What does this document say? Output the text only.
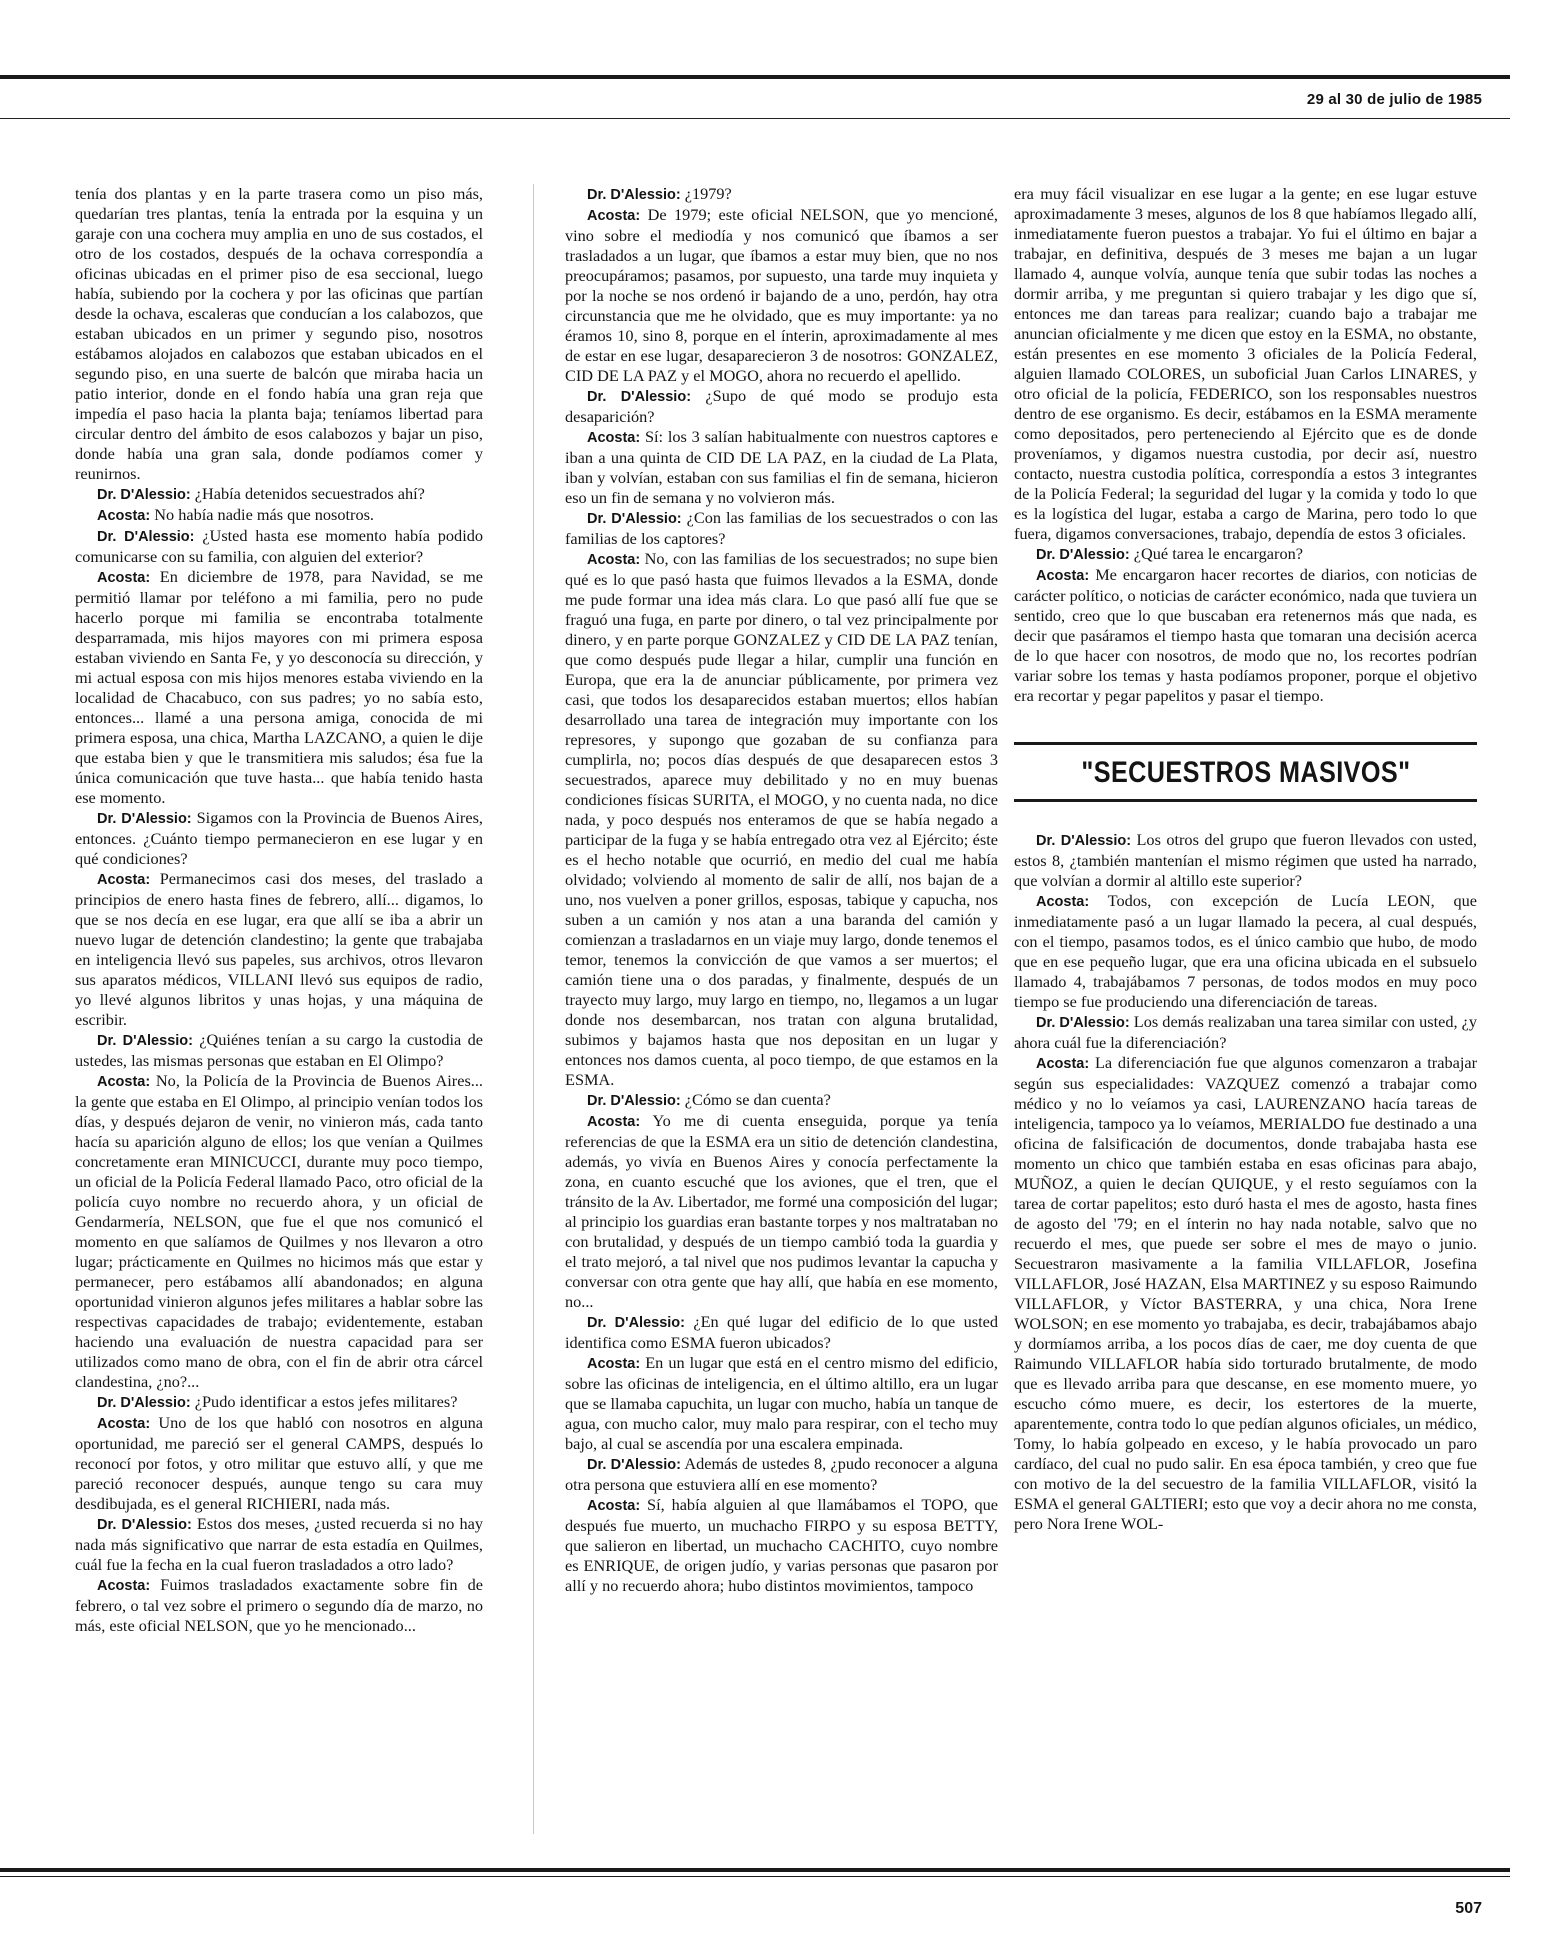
29 al 30 de julio de 1985

tenía dos plantas y en la parte trasera como un piso más, quedarían tres plantas, tenía la entrada por la esquina y un garaje con una cochera muy amplia en uno de sus costados, el otro de los costados, después de la ochava correspondía a oficinas ubicadas en el primer piso de esa seccional, luego había, subiendo por la cochera y por las oficinas que partían desde la ochava, escaleras que conducían a los calabozos, que estaban ubicados en un primer y segundo piso, nosotros estábamos alojados en calabozos que estaban ubicados en el segundo piso, en una suerte de balcón que miraba hacia un patio interior, donde en el fondo había una gran reja que impedía el paso hacia la planta baja; teníamos libertad para circular dentro del ámbito de esos calabozos y bajar un piso, donde había una gran sala, donde podíamos comer y reunirnos.

Dr. D'Alessio: ¿Había detenidos secuestrados ahí?

Acosta: No había nadie más que nosotros.

Dr. D'Alessio: ¿Usted hasta ese momento había podido comunicarse con su familia, con alguien del exterior?

Acosta: En diciembre de 1978, para Navidad, se me permitió llamar por teléfono a mi familia, pero no pude hacerlo porque mi familia se encontraba totalmente desparramada, mis hijos mayores con mi primera esposa estaban viviendo en Santa Fe, y yo desconocía su dirección, y mi actual esposa con mis hijos menores estaba viviendo en la localidad de Chacabuco, con sus padres; yo no sabía esto, entonces... llamé a una persona amiga, conocida de mi primera esposa, una chica, Martha LAZCANO, a quien le dije que estaba bien y que le transmitiera mis saludos; ésa fue la única comunicación que tuve hasta... que había tenido hasta ese momento.

Dr. D'Alessio: Sigamos con la Provincia de Buenos Aires, entonces. ¿Cuánto tiempo permanecieron en ese lugar y en qué condiciones?

Acosta: Permanecimos casi dos meses, del traslado a principios de enero hasta fines de febrero, allí... digamos, lo que se nos decía en ese lugar, era que allí se iba a abrir un nuevo lugar de detención clandestino; la gente que trabajaba en inteligencia llevó sus papeles, sus archivos, otros llevaron sus aparatos médicos, VILLANI llevó sus equipos de radio, yo llevé algunos libritos y unas hojas, y una máquina de escribir.

Dr. D'Alessio: ¿Quiénes tenían a su cargo la custodia de ustedes, las mismas personas que estaban en El Olimpo?

Acosta: No, la Policía de la Provincia de Buenos Aires... la gente que estaba en El Olimpo, al principio venían todos los días, y después dejaron de venir, no vinieron más, cada tanto hacía su aparición alguno de ellos; los que venían a Quilmes concretamente eran MINICUCCI, durante muy poco tiempo, un oficial de la Policía Federal llamado Paco, otro oficial de la policía cuyo nombre no recuerdo ahora, y un oficial de Gendarmería, NELSON, que fue el que nos comunicó el momento en que salíamos de Quilmes y nos llevaron a otro lugar; prácticamente en Quilmes no hicimos más que estar y permanecer, pero estábamos allí abandonados; en alguna oportunidad vinieron algunos jefes militares a hablar sobre las respectivas capacidades de trabajo; evidentemente, estaban haciendo una evaluación de nuestra capacidad para ser utilizados como mano de obra, con el fin de abrir otra cárcel clandestina, ¿no?...

Dr. D'Alessio: ¿Pudo identificar a estos jefes militares?

Acosta: Uno de los que habló con nosotros en alguna oportunidad, me pareció ser el general CAMPS, después lo reconocí por fotos, y otro militar que estuvo allí, y que me pareció reconocer después, aunque tengo su cara muy desdibujada, es el general RICHIERI, nada más.

Dr. D'Alessio: Estos dos meses, ¿usted recuerda si no hay nada más significativo que narrar de esta estadía en Quilmes, cuál fue la fecha en la cual fueron trasladados a otro lado?

Acosta: Fuimos trasladados exactamente sobre fin de febrero, o tal vez sobre el primero o segundo día de marzo, no más, este oficial NELSON, que yo he mencionado...

Dr. D'Alessio: ¿1979?

Acosta: De 1979; este oficial NELSON, que yo mencioné, vino sobre el mediodía y nos comunicó que íbamos a ser trasladados a un lugar, que íbamos a estar muy bien, que no nos preocupáramos; pasamos, por supuesto, una tarde muy inquieta y por la noche se nos ordenó ir bajando de a uno, perdón, hay otra circunstancia que me he olvidado, que es muy importante: ya no éramos 10, sino 8, porque en el ínterin, aproximadamente al mes de estar en ese lugar, desaparecieron 3 de nosotros: GONZALEZ, CID DE LA PAZ y el MOGO, ahora no recuerdo el apellido.

Dr. D'Alessio: ¿Supo de qué modo se produjo esta desaparición?

Acosta: Sí: los 3 salían habitualmente con nuestros captores e iban a una quinta de CID DE LA PAZ, en la ciudad de La Plata, iban y volvían, estaban con sus familias el fin de semana, hicieron eso un fin de semana y no volvieron más.

Dr. D'Alessio: ¿Con las familias de los secuestrados o con las familias de los captores?

Acosta: No, con las familias de los secuestrados; no supe bien qué es lo que pasó hasta que fuimos llevados a la ESMA, donde me pude formar una idea más clara. Lo que pasó allí fue que se fraguó una fuga, en parte por dinero, o tal vez principalmente por dinero, y en parte porque GONZALEZ y CID DE LA PAZ tenían, que como después pude llegar a hilar, cumplir una función en Europa, que era la de anunciar públicamente, por primera vez casi, que todos los desaparecidos estaban muertos; ellos habían desarrollado una tarea de integración muy importante con los represores, y supongo que gozaban de su confianza para cumplirla, no; pocos días después de que desaparecen estos 3 secuestrados, aparece muy debilitado y no en muy buenas condiciones físicas SURITA, el MOGO, y no cuenta nada, no dice nada, y poco después nos enteramos de que se había negado a participar de la fuga y se había entregado otra vez al Ejército; éste es el hecho notable que ocurrió, en medio del cual me había olvidado; volviendo al momento de salir de allí, nos bajan de a uno, nos vuelven a poner grillos, esposas, tabique y capucha, nos suben a un camión y nos atan a una baranda del camión y comienzan a trasladarnos en un viaje muy largo, donde tenemos el temor, tenemos la convicción de que vamos a ser muertos; el camión tiene una o dos paradas, y finalmente, después de un trayecto muy largo, muy largo en tiempo, no, llegamos a un lugar donde nos desembarcan, nos tratan con alguna brutalidad, subimos y bajamos hasta que nos depositan en un lugar y entonces nos damos cuenta, al poco tiempo, de que estamos en la ESMA.

Dr. D'Alessio: ¿Cómo se dan cuenta?

Acosta: Yo me di cuenta enseguida, porque ya tenía referencias de que la ESMA era un sitio de detención clandestina, además, yo vivía en Buenos Aires y conocía perfectamente la zona, en cuanto escuché que los aviones, que el tren, que el tránsito de la Av. Libertador, me formé una composición del lugar; al principio los guardias eran bastante torpes y nos maltrataban no con brutalidad, y después de un tiempo cambió toda la guardia y el trato mejoró, a tal nivel que nos pudimos levantar la capucha y conversar con otra gente que hay allí, que había en ese momento, no...

Dr. D'Alessio: ¿En qué lugar del edificio de lo que usted identifica como ESMA fueron ubicados?

Acosta: En un lugar que está en el centro mismo del edificio, sobre las oficinas de inteligencia, en el último altillo, era un lugar que se llamaba capuchita, un lugar con mucho, había un tanque de agua, con mucho calor, muy malo para respirar, con el techo muy bajo, al cual se ascendía por una escalera empinada.

Dr. D'Alessio: Además de ustedes 8, ¿pudo reconocer a alguna otra persona que estuviera allí en ese momento?

Acosta: Sí, había alguien al que llamábamos el TOPO, que después fue muerto, un muchacho FIRPO y su esposa BETTY, que salieron en libertad, un muchacho CACHITO, cuyo nombre es ENRIQUE, de origen judío, y varias personas que pasaron por allí y no recuerdo ahora; hubo distintos movimientos, tampoco

era muy fácil visualizar en ese lugar a la gente; en ese lugar estuve aproximadamente 3 meses, algunos de los 8 que habíamos llegado allí, inmediatamente fueron puestos a trabajar. Yo fui el último en bajar a trabajar, en definitiva, después de 3 meses me bajan a un lugar llamado 4, aunque volvía, aunque tenía que subir todas las noches a dormir arriba, y me preguntan si quiero trabajar y les digo que sí, entonces me dan tareas para realizar; cuando bajo a trabajar me anuncian oficialmente y me dicen que estoy en la ESMA, no obstante, están presentes en ese momento 3 oficiales de la Policía Federal, alguien llamado COLORES, un suboficial Juan Carlos LINARES, y otro oficial de la policía, FEDERICO, son los responsables nuestros dentro de ese organismo. Es decir, estábamos en la ESMA meramente como depositados, pero perteneciendo al Ejército que es de donde proveníamos, y digamos nuestra custodia, por decir así, nuestro contacto, nuestra custodia política, correspondía a estos 3 integrantes de la Policía Federal; la seguridad del lugar y la comida y todo lo que es la logística del lugar, estaba a cargo de Marina, pero todo lo que fuera, digamos conversaciones, trabajo, dependía de estos 3 oficiales.

Dr. D'Alessio: ¿Qué tarea le encargaron?

Acosta: Me encargaron hacer recortes de diarios, con noticias de carácter político, o noticias de carácter económico, nada que tuviera un sentido, creo que lo que buscaban era retenernos más que nada, es decir que pasáramos el tiempo hasta que tomaran una decisión acerca de lo que hacer con nosotros, de modo que no, los recortes podrían variar sobre los temas y hasta podíamos proponer, porque el objetivo era recortar y pegar papelitos y pasar el tiempo.

"SECUESTROS MASIVOS"

Dr. D'Alessio: Los otros del grupo que fueron llevados con usted, estos 8, ¿también mantenían el mismo régimen que usted ha narrado, que volvían a dormir al altillo este superior?

Acosta: Todos, con excepción de Lucía LEON, que inmediatamente pasó a un lugar llamado la pecera, al cual después, con el tiempo, pasamos todos, es el único cambio que hubo, de modo que en ese pequeño lugar, que era una oficina ubicada en el subsuelo llamado 4, trabajábamos 7 personas, de todos modos en muy poco tiempo se fue produciendo una diferenciación de tareas.

Dr. D'Alessio: Los demás realizaban una tarea similar con usted, ¿y ahora cuál fue la diferenciación?

Acosta: La diferenciación fue que algunos comenzaron a trabajar según sus especialidades: VAZQUEZ comenzó a trabajar como médico y no lo veíamos ya casi, LAURENZANO hacía tareas de inteligencia, tampoco ya lo veíamos, MERIALDO fue destinado a una oficina de falsificación de documentos, donde trabajaba hasta ese momento un chico que también estaba en esas oficinas para abajo, MUÑOZ, a quien le decían QUIQUE, y el resto seguíamos con la tarea de cortar papelitos; esto duró hasta el mes de agosto, hasta fines de agosto del '79; en el ínterin no hay nada notable, salvo que no recuerdo el mes, que puede ser sobre el mes de mayo o junio. Secuestraron masivamente a la familia VILLAFLOR, Josefina VILLAFLOR, José HAZAN, Elsa MARTINEZ y su esposo Raimundo VILLAFLOR, y Víctor BASTERRA, y una chica, Nora Irene WOLSON; en ese momento yo trabajaba, es decir, trabajábamos abajo y dormíamos arriba, a los pocos días de caer, me doy cuenta de que Raimundo VILLAFLOR había sido torturado brutalmente, de modo que es llevado arriba para que descanse, en ese momento muere, yo escucho cómo muere, es decir, los estertores de la muerte, aparentemente, contra todo lo que pedían algunos oficiales, un médico, Tomy, lo había golpeado en exceso, y le había provocado un paro cardíaco, del cual no pudo salir. En esa época también, y creo que fue con motivo de la del secuestro de la familia VILLAFLOR, visitó la ESMA el general GALTIERI; esto que voy a decir ahora no me consta, pero Nora Irene WOL-

507
